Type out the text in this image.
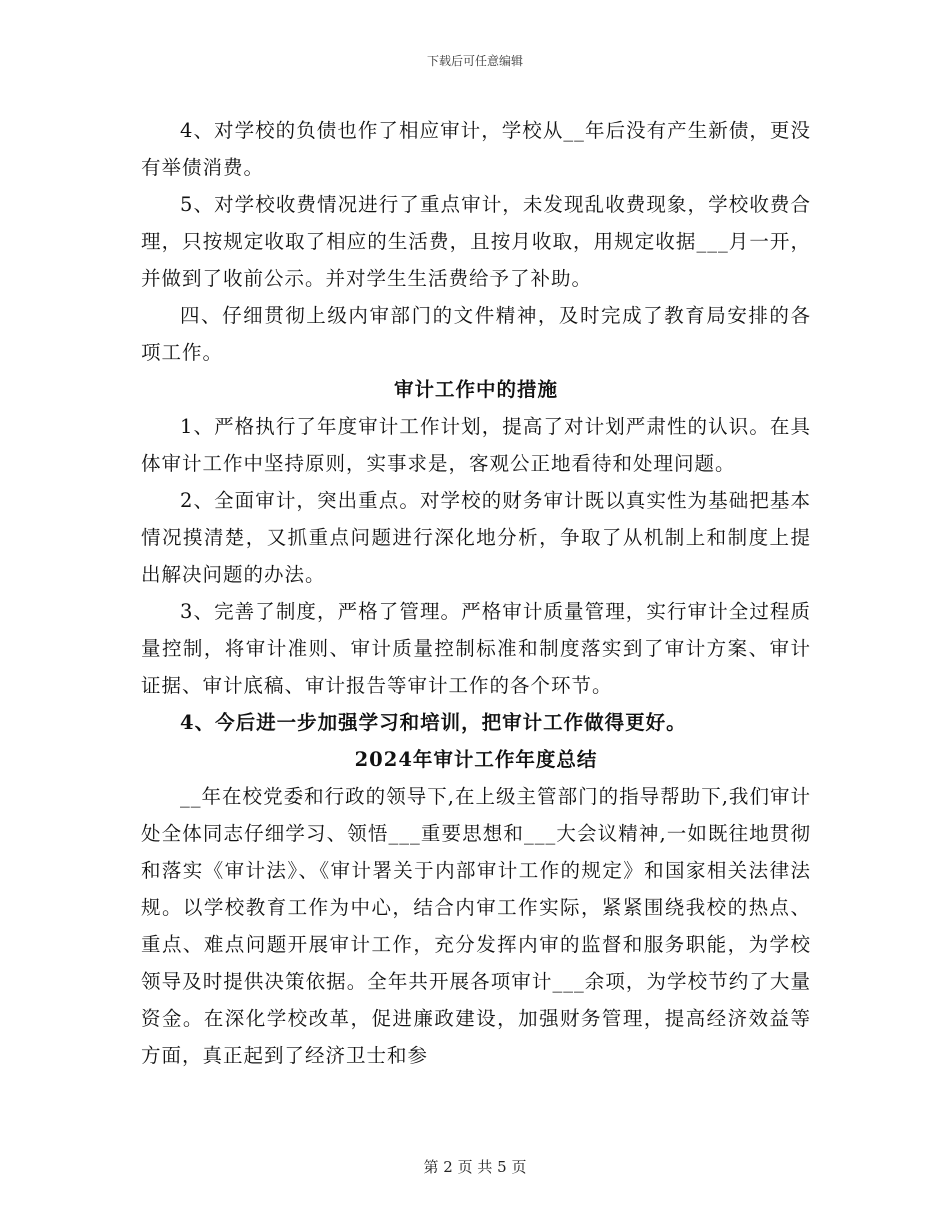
下载后可任意编辑

4、对学校的负债也作了相应审计，学校从__年后没有产生新债，更没有举债消费。

5、对学校收费情况进行了重点审计，未发现乱收费现象，学校收费合理，只按规定收取了相应的生活费，且按月收取，用规定收据___月一开，并做到了收前公示。并对学生生活费给予了补助。

四、仔细贯彻上级内审部门的文件精神，及时完成了教育局安排的各项工作。

审计工作中的措施

1、严格执行了年度审计工作计划，提高了对计划严肃性的认识。在具体审计工作中坚持原则，实事求是，客观公正地看待和处理问题。

2、全面审计，突出重点。对学校的财务审计既以真实性为基础把基本情况摸清楚，又抓重点问题进行深化地分析，争取了从机制上和制度上提出解决问题的办法。

3、完善了制度，严格了管理。严格审计质量管理，实行审计全过程质量控制，将审计准则、审计质量控制标准和制度落实到了审计方案、审计证据、审计底稿、审计报告等审计工作的各个环节。

4、今后进一步加强学习和培训，把审计工作做得更好。

2024年审计工作年度总结

__年在校党委和行政的领导下,在上级主管部门的指导帮助下,我们审计处全体同志仔细学习、领悟___重要思想和___大会议精神,一如既往地贯彻和落实《审计法》、《审计署关于内部审计工作的规定》和国家相关法律法规。以学校教育工作为中心，结合内审工作实际，紧紧围绕我校的热点、重点、难点问题开展审计工作，充分发挥内审的监督和服务职能，为学校领导及时提供决策依据。全年共开展各项审计___余项，为学校节约了大量资金。在深化学校改革，促进廉政建设，加强财务管理，提高经济效益等方面，真正起到了经济卫士和参

第 2 页 共 5 页
